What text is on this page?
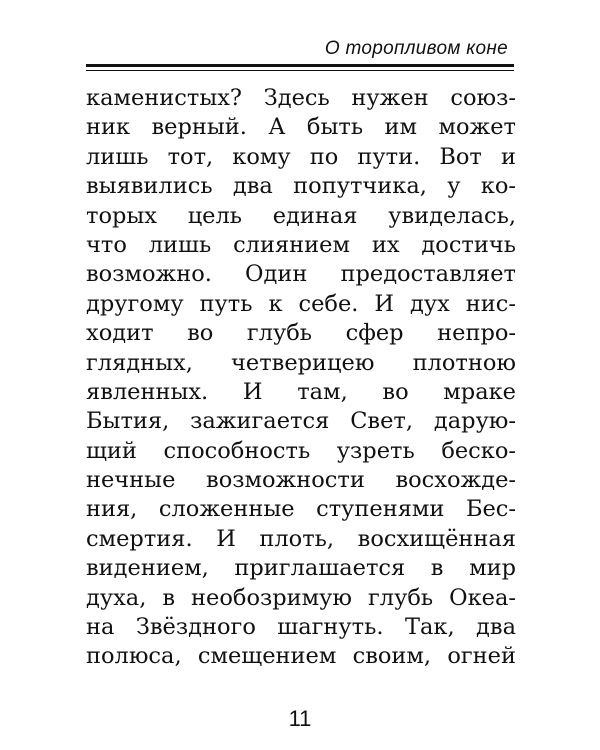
О торопливом коне
каменистых? Здесь нужен союз-
ник верный. А быть им может
лишь тот, кому по пути. Вот и
выявились два попутчика, у ко-
торых цель единая увиделась,
что лишь слиянием их достичь
возможно. Один предоставляет
другому путь к себе. И дух нис-
ходит во глубь сфер непро-
глядных, четверицею плотною
явленных. И там, во мраке
Бытия, зажигается Свет, дарую-
щий способность узреть беско-
нечные возможности восхожде-
ния, сложенные ступенями Бес-
смертия. И плоть, восхищённая
видением, приглашается в мир
духа, в необозримую глубь Океа-
на Звёздного шагнуть. Так, два
полюса, смещением своим, огней
11
